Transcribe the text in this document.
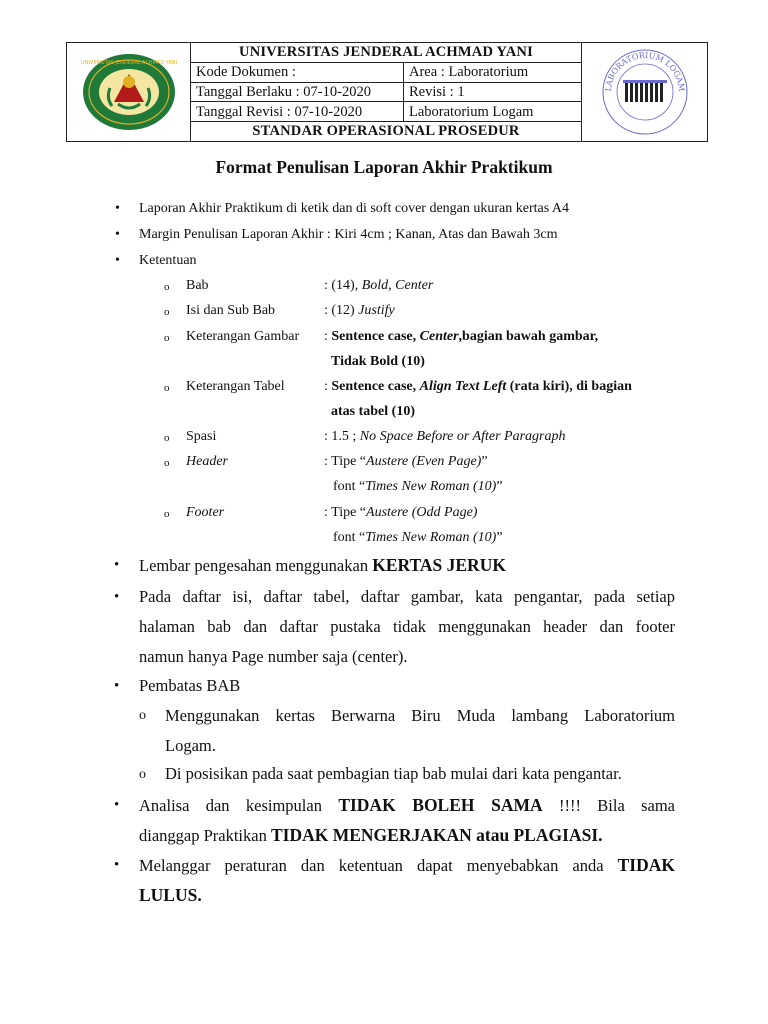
UNIVERSITAS JENDERAL ACHMAD YANI
UNIVERSITAS JENDERAL ACHMAD YANI
Kode Dokumen :	Area : Laboratorium
Tanggal Berlaku : 07-10-2020	Revisi : 1
Tanggal Revisi : 07-10-2020	Laboratorium Logam
STANDAR OPERASIONAL PROSEDUR
LABORATORIUM LOGAM
Format Penulisan Laporan Akhir Praktikum
•	Laporan Akhir Praktikum di ketik dan di soft cover dengan ukuran kertas A4
•	Margin Penulisan Laporan Akhir : Kiri 4cm ; Kanan, Atas dan Bawah 3cm
•	Ketentuan
o Bab	: (14), Bold, Center
o Isi dan Sub Bab	: (12) Justify
o Keterangan Gambar : Sentence case, Center,bagian bawah gambar,
Tidak Bold (10)
o Keterangan Tabel	: Sentence case, Align Text Left (rata kiri), di bagian
atas tabel (10)
o Spasi	: 1.5 ; No Space Before or After Paragraph
o Header	: Tipe “Austere (Even Page)”
font “Times New Roman (10)”
o Footer	: Tipe “Austere (Odd Page)
font “Times New Roman (10)”
• Lembar pengesahan menggunakan KERTAS JERUK
• Pada daftar isi, daftar tabel, daftar gambar, kata pengantar, pada setiap
halaman bab dan daftar pustaka tidak menggunakan header dan footer
namun hanya Page number saja (center).
• Pembatas BAB
o Menggunakan kertas Berwarna Biru Muda lambang Laboratorium
Logam.
o Di posisikan pada saat pembagian tiap bab mulai dari kata pengantar.
• Analisa dan kesimpulan TIDAK BOLEH SAMA !!!! Bila sama
dianggap Praktikan TIDAK MENGERJAKAN atau PLAGIASI.
• Melanggar peraturan dan ketentuan dapat menyebabkan anda TIDAK
LULUS.
